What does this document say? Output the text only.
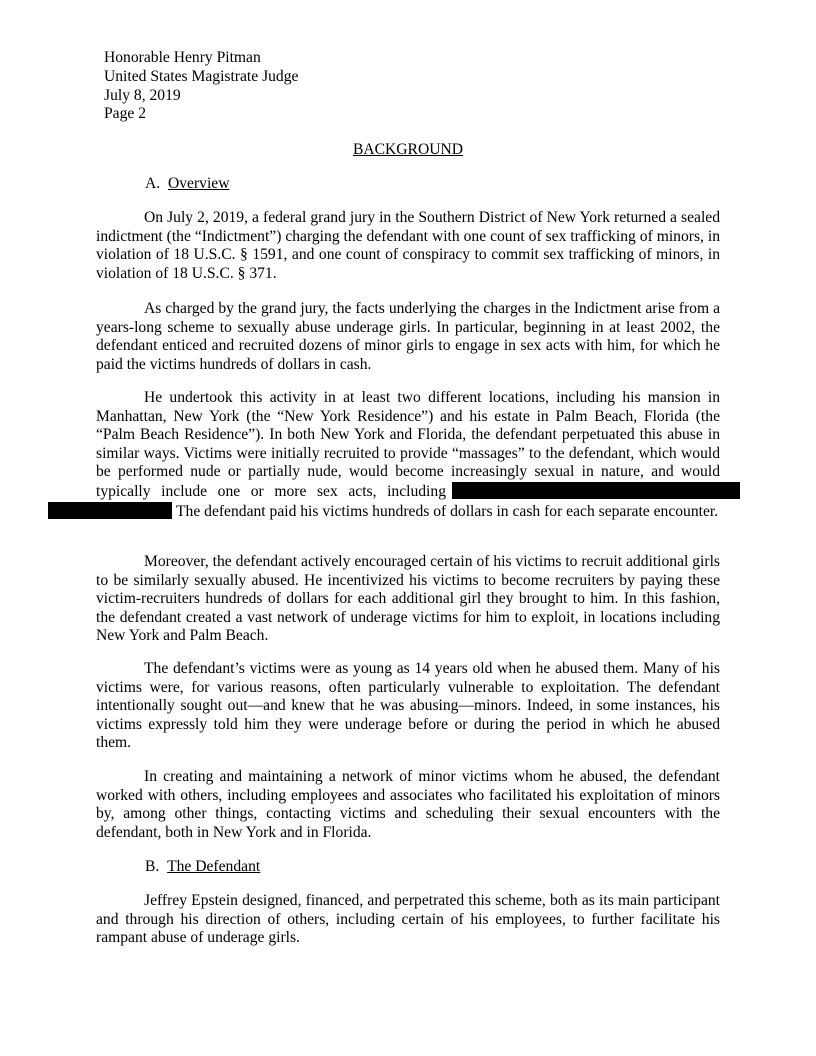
Honorable Henry Pitman
United States Magistrate Judge
July 8, 2019
Page 2
BACKGROUND
A. Overview
On July 2, 2019, a federal grand jury in the Southern District of New York returned a sealed indictment (the “Indictment”) charging the defendant with one count of sex trafficking of minors, in violation of 18 U.S.C. § 1591, and one count of conspiracy to commit sex trafficking of minors, in violation of 18 U.S.C. § 371.
As charged by the grand jury, the facts underlying the charges in the Indictment arise from a years-long scheme to sexually abuse underage girls. In particular, beginning in at least 2002, the defendant enticed and recruited dozens of minor girls to engage in sex acts with him, for which he paid the victims hundreds of dollars in cash.
He undertook this activity in at least two different locations, including his mansion in Manhattan, New York (the “New York Residence”) and his estate in Palm Beach, Florida (the “Palm Beach Residence”). In both New York and Florida, the defendant perpetuated this abuse in similar ways. Victims were initially recruited to provide “massages” to the defendant, which would be performed nude or partially nude, would become increasingly sexual in nature, and would typically include one or more sex acts, includingThe defendant paid his victims hundreds of dollars in cash for each separate encounter.
Moreover, the defendant actively encouraged certain of his victims to recruit additional girls to be similarly sexually abused. He incentivized his victims to become recruiters by paying these victim-recruiters hundreds of dollars for each additional girl they brought to him. In this fashion, the defendant created a vast network of underage victims for him to exploit, in locations including New York and Palm Beach.
The defendant’s victims were as young as 14 years old when he abused them. Many of his victims were, for various reasons, often particularly vulnerable to exploitation. The defendant intentionally sought out—and knew that he was abusing—minors. Indeed, in some instances, his victims expressly told him they were underage before or during the period in which he abused them.
In creating and maintaining a network of minor victims whom he abused, the defendant worked with others, including employees and associates who facilitated his exploitation of minors by, among other things, contacting victims and scheduling their sexual encounters with the defendant, both in New York and in Florida.
B. The Defendant
Jeffrey Epstein designed, financed, and perpetrated this scheme, both as its main participant and through his direction of others, including certain of his employees, to further facilitate his rampant abuse of underage girls.
